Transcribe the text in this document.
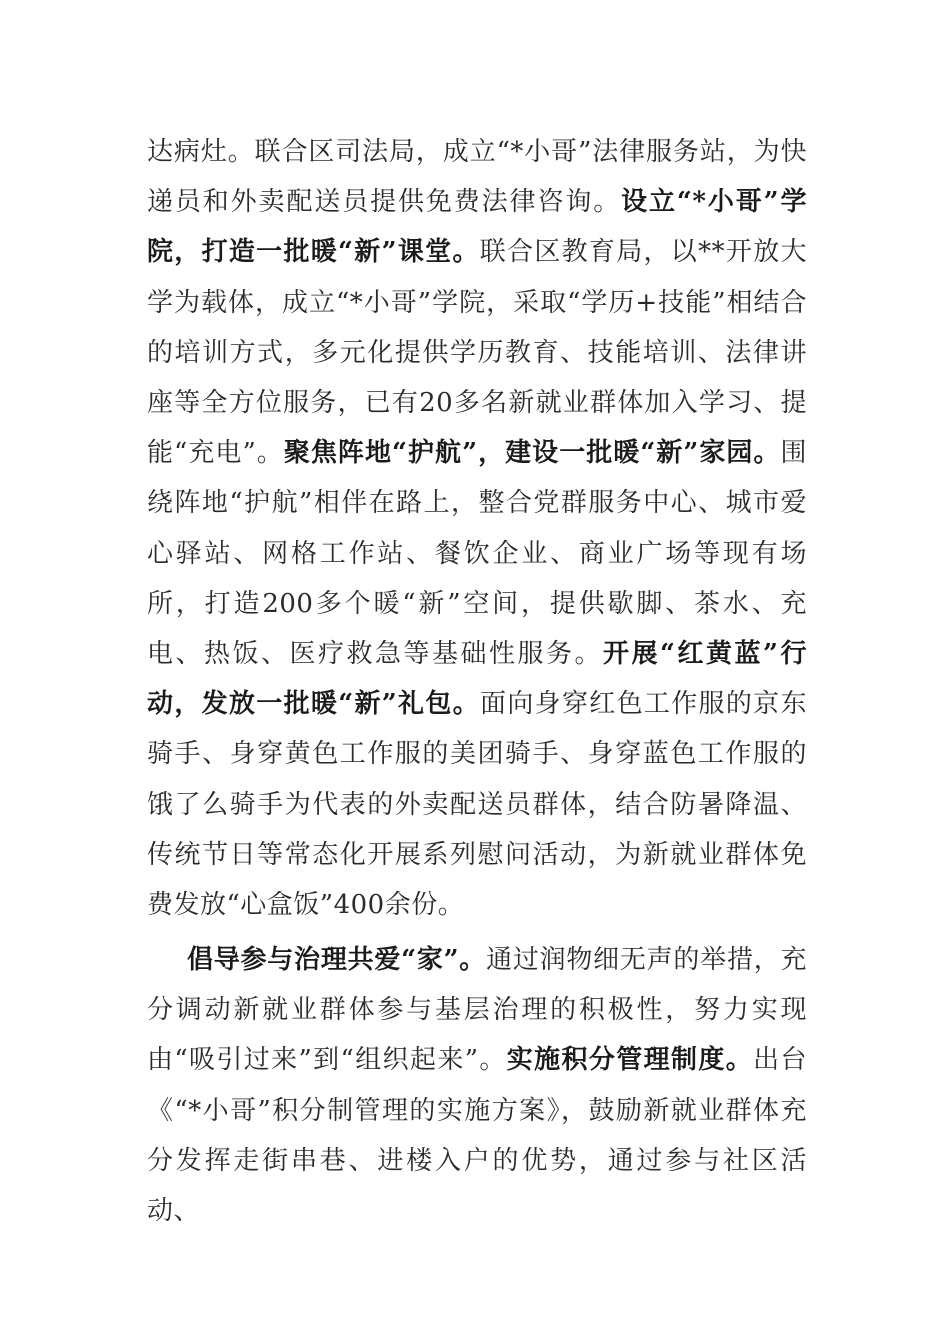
达病灶。联合区司法局，成立“*小哥”法律服务站，为快递员和外卖配送员提供免费法律咨询。设立“*小哥”学院，打造一批暖“新”课堂。联合区教育局，以**开放大学为载体，成立“*小哥”学院，采取“学历+技能”相结合的培训方式，多元化提供学历教育、技能培训、法律讲座等全方位服务，已有20多名新就业群体加入学习、提能“充电”。聚焦阵地“护航”，建设一批暖“新”家园。围绕阵地“护航”相伴在路上，整合党群服务中心、城市爱心驿站、网格工作站、餐饮企业、商业广场等现有场所，打造200多个暖“新”空间，提供歇脚、茶水、充电、热饭、医疗救急等基础性服务。开展“红黄蓝”行动，发放一批暖“新”礼包。面向身穿红色工作服的京东骑手、身穿黄色工作服的美团骑手、身穿蓝色工作服的饿了么骑手为代表的外卖配送员群体，结合防暑降温、传统节日等常态化开展系列慰问活动，为新就业群体免费发放“心盒饭”400余份。

倡导参与治理共爱“家”。通过润物细无声的举措，充分调动新就业群体参与基层治理的积极性，努力实现由“吸引过来”到“组织起来”。实施积分管理制度。出台《“*小哥”积分制管理的实施方案》，鼓励新就业群体充分发挥走街串巷、进楼入户的优势，通过参与社区活动、
